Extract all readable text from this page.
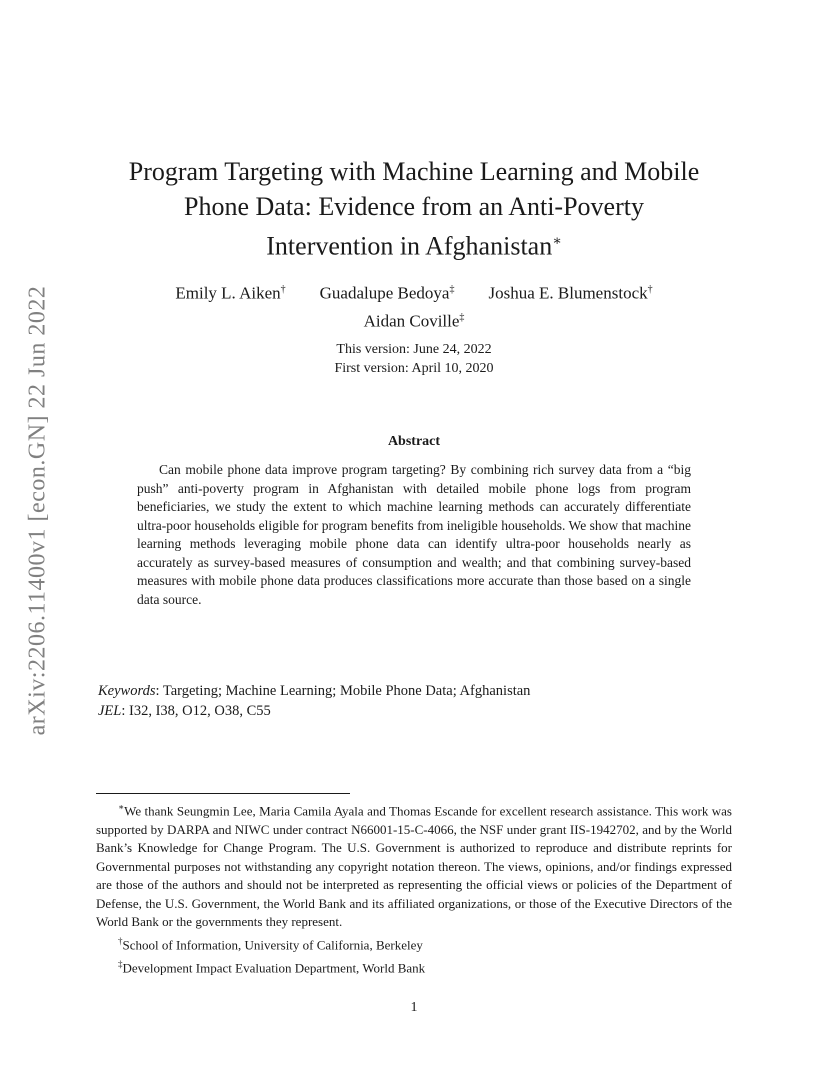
arXiv:2206.11400v1 [econ.GN] 22 Jun 2022
Program Targeting with Machine Learning and Mobile
Phone Data: Evidence from an Anti-Poverty
Intervention in Afghanistan∗
Emily L. Aiken† Guadalupe Bedoya‡ Joshua E. Blumenstock†
Aidan Coville‡
This version: June 24, 2022
First version: April 10, 2020
Abstract

Can mobile phone data improve program targeting? By combining rich survey data from a “big push” anti-poverty program in Afghanistan with detailed mobile phone logs from program beneficiaries, we study the extent to which machine learning methods can accurately differentiate ultra-poor households eligible for program benefits from ineligible households. We show that machine learning methods leveraging mobile phone data can identify ultra-poor households nearly as accurately as survey-based measures of consumption and wealth; and that combining survey-based measures with mobile phone data produces classifications more accurate than those based on a single data source.

Keywords: Targeting; Machine Learning; Mobile Phone Data; Afghanistan
JEL: I32, I38, O12, O38, C55

∗We thank Seungmin Lee, Maria Camila Ayala and Thomas Escande for excellent research assistance. This work was supported by DARPA and NIWC under contract N66001-15-C-4066, the NSF under grant IIS-1942702, and by the World Bank’s Knowledge for Change Program. The U.S. Government is authorized to reproduce and distribute reprints for Governmental purposes not withstanding any copyright notation thereon. The views, opinions, and/or findings expressed are those of the authors and should not be interpreted as representing the official views or policies of the Department of Defense, the U.S. Government, the World Bank and its affiliated organizations, or those of the Executive Directors of the World Bank or the governments they represent.

†School of Information, University of California, Berkeley

‡Development Impact Evaluation Department, World Bank

1
